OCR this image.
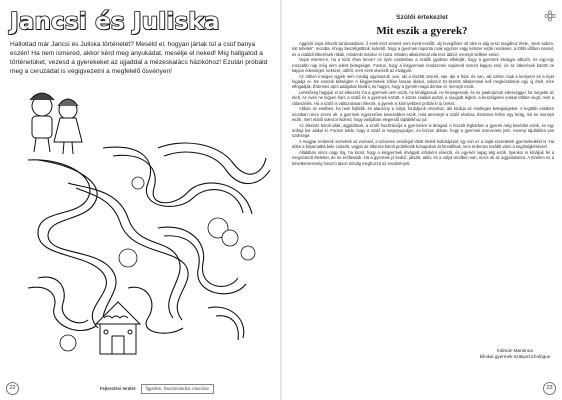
Jancsi és Juliska
Hallottad már Jancsi és Juliska történetét? Meséld el, hogyan jártak túl a csúf banya eszén! Ha nem ismered, akkor kérd meg anyukádat, mesélje el neked! Míg hallgatod a történetüket, vezesd a gyerekeket az ujjaddal a mézeskalács házikóhoz! Ezután próbáld meg a ceruzádat is végigvezetni a megfelelő ösvényen!
22	Fejlesztési terület: figyelem, finommotorika, memória
Szülői értekezlet
Mit eszik a gyerek?

Aggódó anya érkezik tanácsadásra: ő évek közt semmit nem evett ezelőtt, oly levegőben ott ülve is alig veszi magához étele, ,Nem tudom, mit tehetek”, mondta. Ahogy beszélgettünk, kiderült, hogy a gyermek naponta csak egyszer vagy kétszer eszik rendesen, a többi időben nassol, és a családi étkezések ritkák, mindenki máskor ér haza. Minden alkalommal vita lesz abból, mennyit kellene ennie.

Vajon elverné-e, ha a kicsi éhes lenne? Az ilyen esetekben a szülők gyakran elfelejtik, hogy a gyermek étvágya változó, és egy-egy rosszabb nap még nem jelent betegséget. Fontos, hogy a kisgyermek rendszeres napirend szerint kapjon enni, és az étkezések között ne kapjon édességet, kekszet, üdítőt, mert ezek elveszik az étvágyát.

Az otthon ínséges ügyek nem mindig ugyanazok: van, aki a tésztát szereti, van, aki a húst, és van, aki szinte csak a kenyeret és a tejet fogadja el. Ne essünk kétségbe! A kisgyermekek ízlése lassan alakul, sokszor tíz-tizenöt alkalommal kell megkóstolniuk egy új ételt, mire elfogadják. Érdemes apró adagokat kínálni, és hagyni, hogy a gyerek maga döntse el, mennyit eszik.

Lehetőség hagyjuk el az étkezést: ha a gyermek nem eszik, ne kínálgassuk, ne fenyegessük, és ne jutalmazzuk édességgel, ha megette az ételt. Az evés ne legyen harc a szülő és a gyermek között. A közös családi asztal, a nyugodt légkör, a beszélgetés sokkal többet segít, mint a rábeszélés. Ha a szülő is változatosan étkezik, a gyerek is könnyebben próbál ki új ízeket.

Abban az esetben, ha nem fejlődik, és alacsony a súlya, forduljunk orvoshoz, aki kizárja az esetleges betegségeket. A legtöbb esetben azonban nincs szervi ok: a gyermek egyszerűen kevesebbet eszik, mint amennyit a szülő elvárna. Érdemes felírni egy hétig, mit és mennyit eszik, mert ebből sokszor kiderül, hogy valójában elegendő táplálékhoz jut.

Az étkezés körüli viták, aggódások, a szülő frusztrációja a gyermekre is átragad. A feszült légkörben a gyerek még kevésbé eszik, és egy ördögi kör alakul ki. Fontos tehát, hogy a szülő is megnyugodjon, és bízzon abban, hogy a gyermek szervezete jelzi, mennyi táplálékra van szüksége.

A magyar emberek szerettek az evéssel, a szívesen vendégül látott ételek kultúrájával; így van ez a saját szeretteink gyermekeikkel is. Ha ebbe a folyamatba bele csúszik, vagyis az étkezés körüli problémák hónapokon át fennállnak, nem érdemes tovább várni a segítségkéréssel.

Általában nincs nagy baj, ha kicsit, hogy a kisgyermek étvágyát időnként elveszti, és egy-két napig alig eszik. Ilyenkor is kínáljuk fel a megszokott ételeket, de ne erőltessük. Ha a gyermek jó kedvű, játszik, aktív, és a súlya rendben van, nincs ok az aggodalomra. A türelem és a következetesség hosszú távon mindig meghozza az eredményét.

Kálmán Marianna
klinikai gyermek-szakpszichológus
23
